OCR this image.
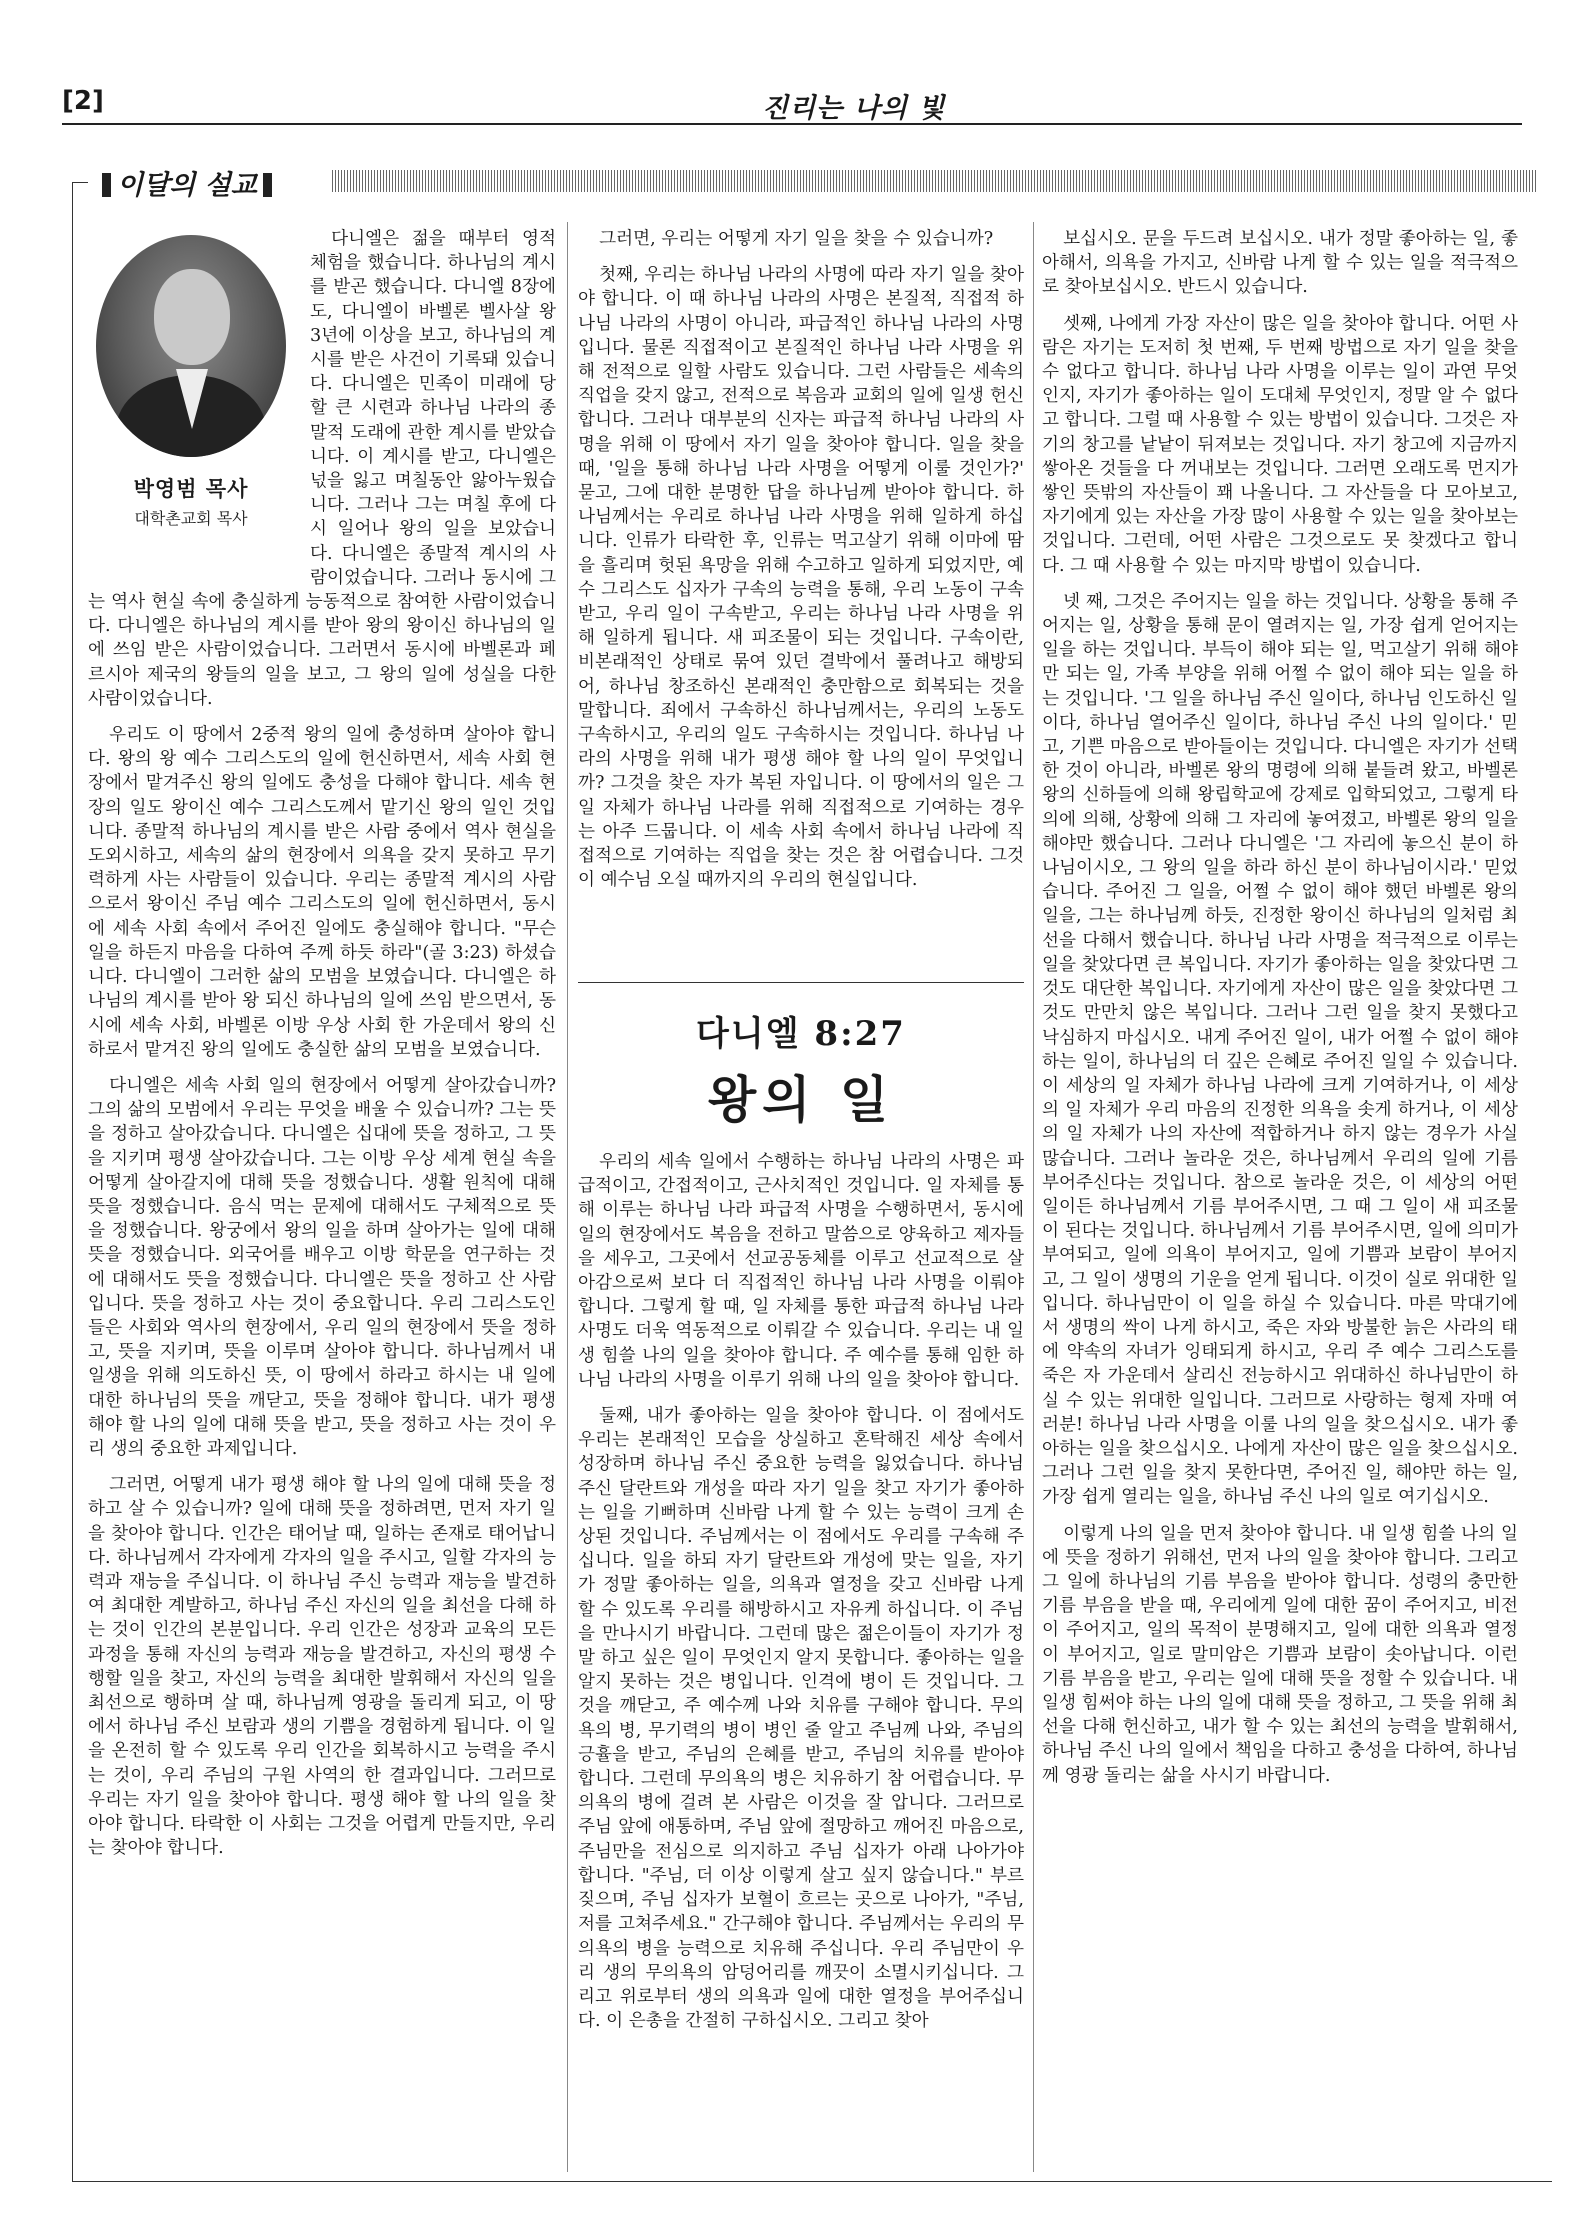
[2]	진리는 나의 빛
이달의 설교
박영범 목사
대학촌교회 목사

다니엘은 젊을 때부터 영적 체험을 했습니다. 하나님의 계시를 받곤 했습니다. 다니엘 8장에도, 다니엘이 바벨론 벨사살 왕 3년에 이상을 보고, 하나님의 계시를 받은 사건이 기록돼 있습니다. 다니엘은 민족이 미래에 당할 큰 시련과 하나님 나라의 종말적 도래에 관한 계시를 받았습니다. 이 계시를 받고, 다니엘은 넋을 잃고 며칠동안 앓아누웠습니다. 그러나 그는 며칠 후에 다시 일어나 왕의 일을 보았습니다. 다니엘은 종말적 계시의 사람이었습니다. 그러나 동시에 그는 역사 현실 속에 충실하게 능동적으로 참여한 사람이었습니다. 다니엘은 하나님의 계시를 받아 왕의 왕이신 하나님의 일에 쓰임 받은 사람이었습니다. 그러면서 동시에 바벨론과 페르시아 제국의 왕들의 일을 보고, 그 왕의 일에 성실을 다한 사람이었습니다.

우리도 이 땅에서 2중적 왕의 일에 충성하며 살아야 합니다. 왕의 왕 예수 그리스도의 일에 헌신하면서, 세속 사회 현장에서 맡겨주신 왕의 일에도 충성을 다해야 합니다. 세속 현장의 일도 왕이신 예수 그리스도께서 맡기신 왕의 일인 것입니다. 종말적 하나님의 계시를 받은 사람 중에서 역사 현실을 도외시하고, 세속의 삶의 현장에서 의욕을 갖지 못하고 무기력하게 사는 사람들이 있습니다. 우리는 종말적 계시의 사람으로서 왕이신 주님 예수 그리스도의 일에 헌신하면서, 동시에 세속 사회 속에서 주어진 일에도 충실해야 합니다. "무슨 일을 하든지 마음을 다하여 주께 하듯 하라"(골 3:23) 하셨습니다. 다니엘이 그러한 삶의 모범을 보였습니다. 다니엘은 하나님의 계시를 받아 왕 되신 하나님의 일에 쓰임 받으면서, 동시에 세속 사회, 바벨론 이방 우상 사회 한 가운데서 왕의 신하로서 맡겨진 왕의 일에도 충실한 삶의 모범을 보였습니다.

다니엘은 세속 사회 일의 현장에서 어떻게 살아갔습니까? 그의 삶의 모범에서 우리는 무엇을 배울 수 있습니까? 그는 뜻을 정하고 살아갔습니다. 다니엘은 십대에 뜻을 정하고, 그 뜻을 지키며 평생 살아갔습니다. 그는 이방 우상 세계 현실 속을 어떻게 살아갈지에 대해 뜻을 정했습니다. 생활 원칙에 대해 뜻을 정했습니다. 음식 먹는 문제에 대해서도 구체적으로 뜻을 정했습니다. 왕궁에서 왕의 일을 하며 살아가는 일에 대해 뜻을 정했습니다. 외국어를 배우고 이방 학문을 연구하는 것에 대해서도 뜻을 정했습니다. 다니엘은 뜻을 정하고 산 사람입니다. 뜻을 정하고 사는 것이 중요합니다. 우리 그리스도인들은 사회와 역사의 현장에서, 우리 일의 현장에서 뜻을 정하고, 뜻을 지키며, 뜻을 이루며 살아야 합니다. 하나님께서 내 일생을 위해 의도하신 뜻, 이 땅에서 하라고 하시는 내 일에 대한 하나님의 뜻을 깨닫고, 뜻을 정해야 합니다. 내가 평생 해야 할 나의 일에 대해 뜻을 받고, 뜻을 정하고 사는 것이 우리 생의 중요한 과제입니다.

그러면, 어떻게 내가 평생 해야 할 나의 일에 대해 뜻을 정하고 살 수 있습니까? 일에 대해 뜻을 정하려면, 먼저 자기 일을 찾아야 합니다. 인간은 태어날 때, 일하는 존재로 태어납니다. 하나님께서 각자에게 각자의 일을 주시고, 일할 각자의 능력과 재능을 주십니다. 이 하나님 주신 능력과 재능을 발견하여 최대한 계발하고, 하나님 주신 자신의 일을 최선을 다해 하는 것이 인간의 본분입니다. 우리 인간은 성장과 교육의 모든 과정을 통해 자신의 능력과 재능을 발견하고, 자신의 평생 수행할 일을 찾고, 자신의 능력을 최대한 발휘해서 자신의 일을 최선으로 행하며 살 때, 하나님께 영광을 돌리게 되고, 이 땅에서 하나님 주신 보람과 생의 기쁨을 경험하게 됩니다. 이 일을 온전히 할 수 있도록 우리 인간을 회복하시고 능력을 주시는 것이, 우리 주님의 구원 사역의 한 결과입니다. 그러므로 우리는 자기 일을 찾아야 합니다. 평생 해야 할 나의 일을 찾아야 합니다. 타락한 이 사회는 그것을 어렵게 만들지만, 우리는 찾아야 합니다.

그러면, 우리는 어떻게 자기 일을 찾을 수 있습니까?

첫째, 우리는 하나님 나라의 사명에 따라 자기 일을 찾아야 합니다. 이 때 하나님 나라의 사명은 본질적, 직접적 하나님 나라의 사명이 아니라, 파급적인 하나님 나라의 사명입니다. 물론 직접적이고 본질적인 하나님 나라 사명을 위해 전적으로 일할 사람도 있습니다. 그런 사람들은 세속의 직업을 갖지 않고, 전적으로 복음과 교회의 일에 일생 헌신합니다. 그러나 대부분의 신자는 파급적 하나님 나라의 사명을 위해 이 땅에서 자기 일을 찾아야 합니다. 일을 찾을 때, '일을 통해 하나님 나라 사명을 어떻게 이룰 것인가?' 묻고, 그에 대한 분명한 답을 하나님께 받아야 합니다. 하나님께서는 우리로 하나님 나라 사명을 위해 일하게 하십니다. 인류가 타락한 후, 인류는 먹고살기 위해 이마에 땀을 흘리며 헛된 욕망을 위해 수고하고 일하게 되었지만, 예수 그리스도 십자가 구속의 능력을 통해, 우리 노동이 구속받고, 우리 일이 구속받고, 우리는 하나님 나라 사명을 위해 일하게 됩니다. 새 피조물이 되는 것입니다. 구속이란, 비본래적인 상태로 묶여 있던 결박에서 풀려나고 해방되어, 하나님 창조하신 본래적인 충만함으로 회복되는 것을 말합니다. 죄에서 구속하신 하나님께서는, 우리의 노동도 구속하시고, 우리의 일도 구속하시는 것입니다. 하나님 나라의 사명을 위해 내가 평생 해야 할 나의 일이 무엇입니까? 그것을 찾은 자가 복된 자입니다. 이 땅에서의 일은 그 일 자체가 하나님 나라를 위해 직접적으로 기여하는 경우는 아주 드뭅니다. 이 세속 사회 속에서 하나님 나라에 직접적으로 기여하는 직업을 찾는 것은 참 어렵습니다. 그것이 예수님 오실 때까지의 우리의 현실입니다.

다니엘 8:27
왕의 일

우리의 세속 일에서 수행하는 하나님 나라의 사명은 파급적이고, 간접적이고, 근사치적인 것입니다. 일 자체를 통해 이루는 하나님 나라 파급적 사명을 수행하면서, 동시에 일의 현장에서도 복음을 전하고 말씀으로 양육하고 제자들을 세우고, 그곳에서 선교공동체를 이루고 선교적으로 살아감으로써 보다 더 직접적인 하나님 나라 사명을 이뤄야 합니다. 그렇게 할 때, 일 자체를 통한 파급적 하나님 나라 사명도 더욱 역동적으로 이뤄갈 수 있습니다. 우리는 내 일생 힘쓸 나의 일을 찾아야 합니다. 주 예수를 통해 임한 하나님 나라의 사명을 이루기 위해 나의 일을 찾아야 합니다.

둘째, 내가 좋아하는 일을 찾아야 합니다. 이 점에서도 우리는 본래적인 모습을 상실하고 혼탁해진 세상 속에서 성장하며 하나님 주신 중요한 능력을 잃었습니다. 하나님 주신 달란트와 개성을 따라 자기 일을 찾고 자기가 좋아하는 일을 기뻐하며 신바람 나게 할 수 있는 능력이 크게 손상된 것입니다. 주님께서는 이 점에서도 우리를 구속해 주십니다. 일을 하되 자기 달란트와 개성에 맞는 일을, 자기가 정말 좋아하는 일을, 의욕과 열정을 갖고 신바람 나게 할 수 있도록 우리를 해방하시고 자유케 하십니다. 이 주님을 만나시기 바랍니다. 그런데 많은 젊은이들이 자기가 정말 하고 싶은 일이 무엇인지 알지 못합니다. 좋아하는 일을 알지 못하는 것은 병입니다. 인격에 병이 든 것입니다. 그것을 깨닫고, 주 예수께 나와 치유를 구해야 합니다. 무의욕의 병, 무기력의 병이 병인 줄 알고 주님께 나와, 주님의 긍휼을 받고, 주님의 은혜를 받고, 주님의 치유를 받아야 합니다. 그런데 무의욕의 병은 치유하기 참 어렵습니다. 무의욕의 병에 걸려 본 사람은 이것을 잘 압니다. 그러므로 주님 앞에 애통하며, 주님 앞에 절망하고 깨어진 마음으로, 주님만을 전심으로 의지하고 주님 십자가 아래 나아가야 합니다. "주님, 더 이상 이렇게 살고 싶지 않습니다." 부르짖으며, 주님 십자가 보혈이 흐르는 곳으로 나아가, "주님, 저를 고쳐주세요." 간구해야 합니다. 주님께서는 우리의 무의욕의 병을 능력으로 치유해 주십니다. 우리 주님만이 우리 생의 무의욕의 암덩어리를 깨끗이 소멸시키십니다. 그리고 위로부터 생의 의욕과 일에 대한 열정을 부어주십니다. 이 은총을 간절히 구하십시오. 그리고 찾아

보십시오. 문을 두드려 보십시오. 내가 정말 좋아하는 일, 좋아해서, 의욕을 가지고, 신바람 나게 할 수 있는 일을 적극적으로 찾아보십시오. 반드시 있습니다.

셋째, 나에게 가장 자산이 많은 일을 찾아야 합니다. 어떤 사람은 자기는 도저히 첫 번째, 두 번째 방법으로 자기 일을 찾을 수 없다고 합니다. 하나님 나라 사명을 이루는 일이 과연 무엇인지, 자기가 좋아하는 일이 도대체 무엇인지, 정말 알 수 없다고 합니다. 그럴 때 사용할 수 있는 방법이 있습니다. 그것은 자기의 창고를 낱낱이 뒤져보는 것입니다. 자기 창고에 지금까지 쌓아온 것들을 다 꺼내보는 것입니다. 그러면 오래도록 먼지가 쌓인 뜻밖의 자산들이 꽤 나올니다. 그 자산들을 다 모아보고, 자기에게 있는 자산을 가장 많이 사용할 수 있는 일을 찾아보는 것입니다. 그런데, 어떤 사람은 그것으로도 못 찾겠다고 합니다. 그 때 사용할 수 있는 마지막 방법이 있습니다.

넷 째, 그것은 주어지는 일을 하는 것입니다. 상황을 통해 주어지는 일, 상황을 통해 문이 열려지는 일, 가장 쉽게 얻어지는 일을 하는 것입니다. 부득이 해야 되는 일, 먹고살기 위해 해야만 되는 일, 가족 부양을 위해 어쩔 수 없이 해야 되는 일을 하는 것입니다. '그 일을 하나님 주신 일이다, 하나님 인도하신 일이다, 하나님 열어주신 일이다, 하나님 주신 나의 일이다.' 믿고, 기쁜 마음으로 받아들이는 것입니다. 다니엘은 자기가 선택한 것이 아니라, 바벨론 왕의 명령에 의해 붙들려 왔고, 바벨론 왕의 신하들에 의해 왕립학교에 강제로 입학되었고, 그렇게 타의에 의해, 상황에 의해 그 자리에 놓여졌고, 바벨론 왕의 일을 해야만 했습니다. 그러나 다니엘은 '그 자리에 놓으신 분이 하나님이시오, 그 왕의 일을 하라 하신 분이 하나님이시라.' 믿었습니다. 주어진 그 일을, 어쩔 수 없이 해야 했던 바벨론 왕의 일을, 그는 하나님께 하듯, 진정한 왕이신 하나님의 일처럼 최선을 다해서 했습니다. 하나님 나라 사명을 적극적으로 이루는 일을 찾았다면 큰 복입니다. 자기가 좋아하는 일을 찾았다면 그것도 대단한 복입니다. 자기에게 자산이 많은 일을 찾았다면 그것도 만만치 않은 복입니다. 그러나 그런 일을 찾지 못했다고 낙심하지 마십시오. 내게 주어진 일이, 내가 어쩔 수 없이 해야 하는 일이, 하나님의 더 깊은 은혜로 주어진 일일 수 있습니다. 이 세상의 일 자체가 하나님 나라에 크게 기여하거나, 이 세상의 일 자체가 우리 마음의 진정한 의욕을 솟게 하거나, 이 세상의 일 자체가 나의 자산에 적합하거나 하지 않는 경우가 사실 많습니다. 그러나 놀라운 것은, 하나님께서 우리의 일에 기름 부어주신다는 것입니다. 참으로 놀라운 것은, 이 세상의 어떤 일이든 하나님께서 기름 부어주시면, 그 때 그 일이 새 피조물이 된다는 것입니다. 하나님께서 기름 부어주시면, 일에 의미가 부여되고, 일에 의욕이 부어지고, 일에 기쁨과 보람이 부어지고, 그 일이 생명의 기운을 얻게 됩니다. 이것이 실로 위대한 일입니다. 하나님만이 이 일을 하실 수 있습니다. 마른 막대기에서 생명의 싹이 나게 하시고, 죽은 자와 방불한 늙은 사라의 태에 약속의 자녀가 잉태되게 하시고, 우리 주 예수 그리스도를 죽은 자 가운데서 살리신 전능하시고 위대하신 하나님만이 하실 수 있는 위대한 일입니다. 그러므로 사랑하는 형제 자매 여러분! 하나님 나라 사명을 이룰 나의 일을 찾으십시오. 내가 좋아하는 일을 찾으십시오. 나에게 자산이 많은 일을 찾으십시오. 그러나 그런 일을 찾지 못한다면, 주어진 일, 해야만 하는 일, 가장 쉽게 열리는 일을, 하나님 주신 나의 일로 여기십시오.

이렇게 나의 일을 먼저 찾아야 합니다. 내 일생 힘쓸 나의 일에 뜻을 정하기 위해선, 먼저 나의 일을 찾아야 합니다. 그리고 그 일에 하나님의 기름 부음을 받아야 합니다. 성령의 충만한 기름 부음을 받을 때, 우리에게 일에 대한 꿈이 주어지고, 비전이 주어지고, 일의 목적이 분명해지고, 일에 대한 의욕과 열정이 부어지고, 일로 말미암은 기쁨과 보람이 솟아납니다. 이런 기름 부음을 받고, 우리는 일에 대해 뜻을 정할 수 있습니다. 내 일생 힘써야 하는 나의 일에 대해 뜻을 정하고, 그 뜻을 위해 최선을 다해 헌신하고, 내가 할 수 있는 최선의 능력을 발휘해서, 하나님 주신 나의 일에서 책임을 다하고 충성을 다하여, 하나님께 영광 돌리는 삶을 사시기 바랍니다.
